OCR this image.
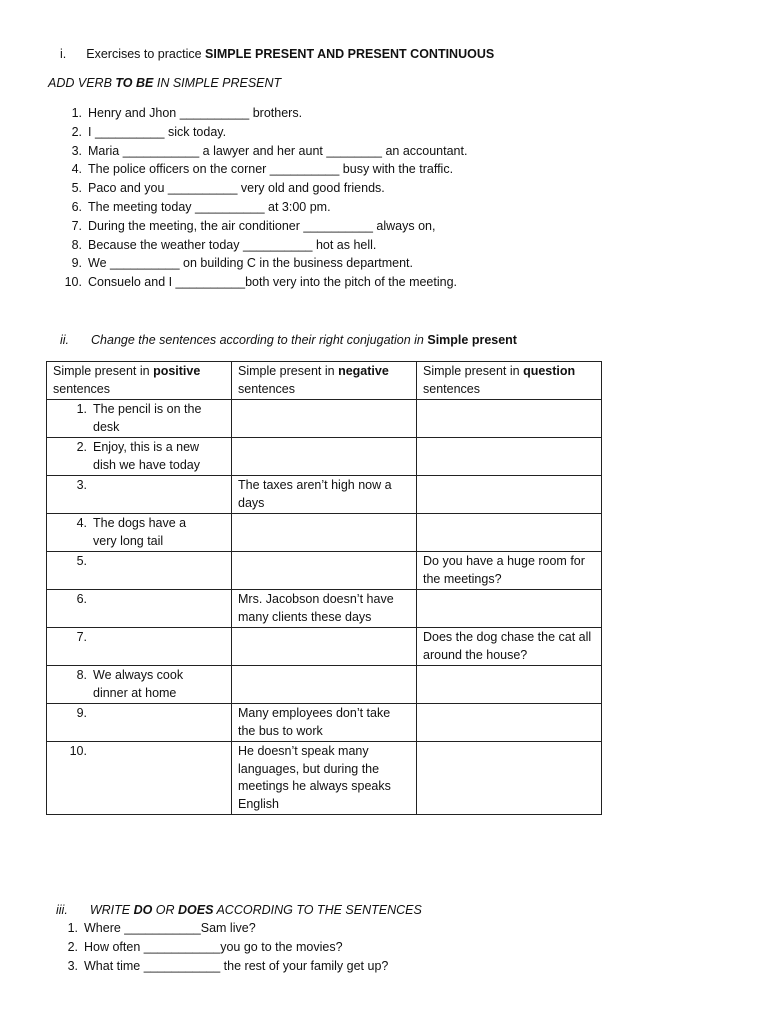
i. Exercises to practice SIMPLE PRESENT AND PRESENT CONTINUOUS
ADD VERB TO BE IN SIMPLE PRESENT
1. Henry and Jhon __________ brothers.
2. I __________ sick today.
3. Maria ___________ a lawyer and her aunt ________ an accountant.
4. The police officers on the corner __________ busy with the traffic.
5. Paco and you __________ very old and good friends.
6. The meeting today __________ at 3:00 pm.
7. During the meeting, the air conditioner __________ always on,
8. Because the weather today __________ hot as hell.
9. We __________ on building C in the business department.
10. Consuelo and I __________both very into the pitch of the meeting.
ii. Change the sentences according to their right conjugation in Simple present
Simple present in positive sentences	Simple present in negative sentences	Simple present in question sentences
1. The pencil is on the desk		
2. Enjoy, this is a new dish we have today		
3.	The taxes aren’t high now a days	
4. The dogs have a very long tail		
5.		Do you have a huge room for the meetings?
6.	Mrs. Jacobson doesn’t have many clients these days	
7.		Does the dog chase the cat all around the house?
8. We always cook dinner at home		
9.	Many employees don’t take the bus to work	
10.	He doesn’t speak many languages, but during the meetings he always speaks English	
iii. WRITE DO OR DOES ACCORDING TO THE SENTENCES
1. Where ___________Sam live?
2. How often ___________you go to the movies?
3. What time ___________ the rest of your family get up?
